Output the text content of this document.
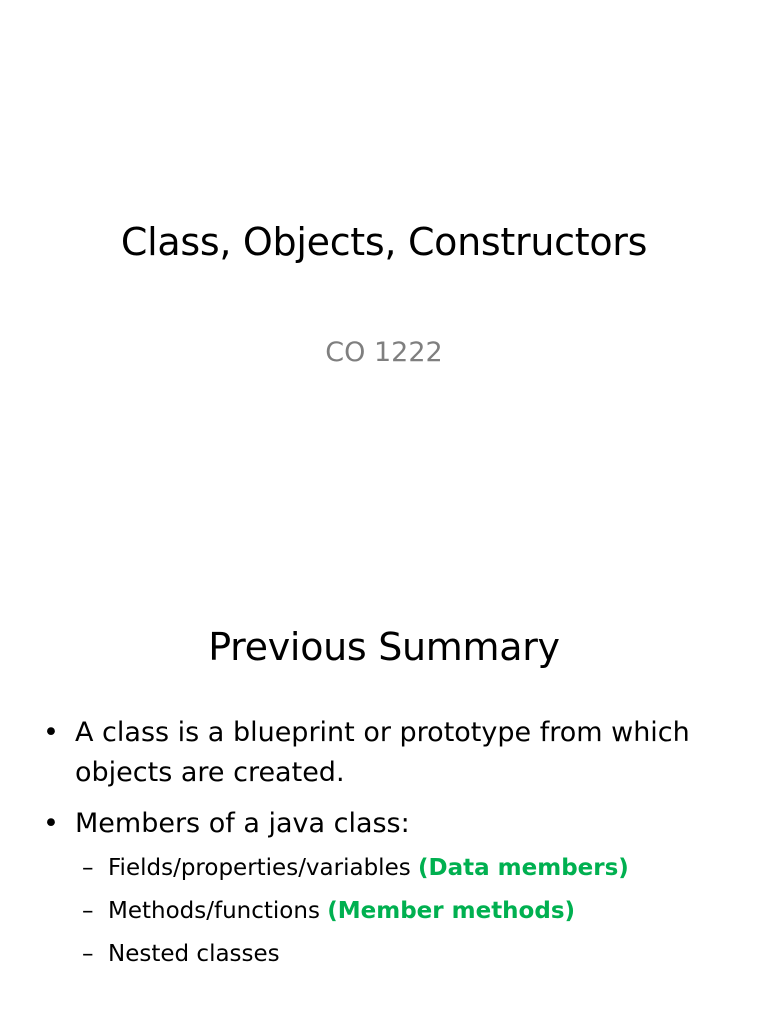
Class, Objects, Constructors
CO 1222
Previous Summary
• A class is a blueprint or prototype from which objects are created.
• Members of a java class:
– Fields/properties/variables (Data members)
– Methods/functions (Member methods)
– Nested classes
